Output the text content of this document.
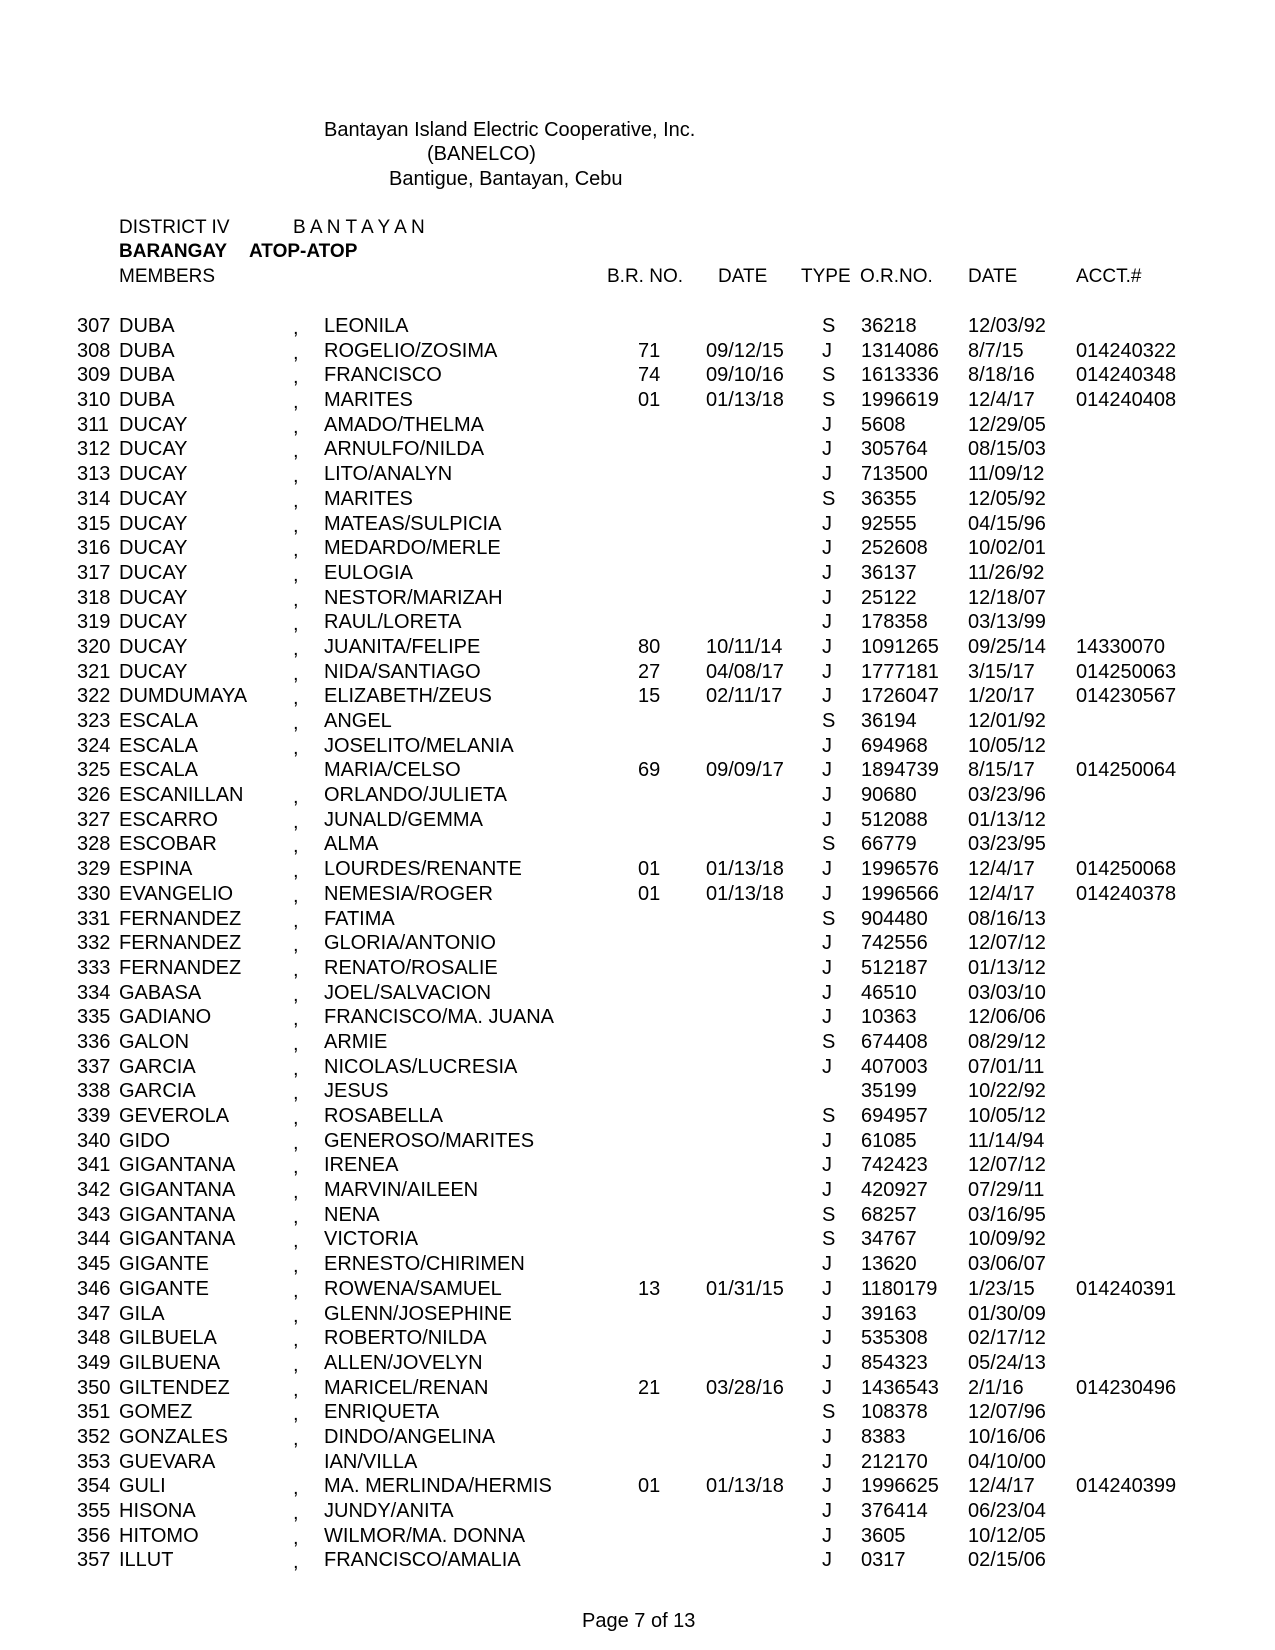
Bantayan Island Electric Cooperative, Inc.
(BANELCO)
Bantigue, Bantayan, Cebu
DISTRICT IV	B A N T A Y A N
BARANGAY ATOP-ATOP
MEMBERS	B.R. NO. DATE TYPE O.R.NO. DATE	ACCT.#
307 DUBA	, LEONILA	S 36218	12/03/92
308 DUBA	, ROGELIO/ZOSIMA	71 09/12/15 J 1314086 8/7/15	014240322
309 DUBA	, FRANCISCO	74 09/10/16 S 1613336 8/18/16 014240348
310 DUBA	, MARITES	01 01/13/18 S 1996619 12/4/17 014240408
311 DUCAY	, AMADO/THELMA	J 5608	12/29/05
312 DUCAY	, ARNULFO/NILDA	J 305764 08/15/03
313 DUCAY	, LITO/ANALYN	J 713500 11/09/12
314 DUCAY	, MARITES	S 36355	12/05/92
315 DUCAY	, MATEAS/SULPICIA	J 92555	04/15/96
316 DUCAY	, MEDARDO/MERLE	J 252608 10/02/01
317 DUCAY	, EULOGIA	J 36137	11/26/92
318 DUCAY	, NESTOR/MARIZAH	J 25122	12/18/07
319 DUCAY	, RAUL/LORETA	J 178358 03/13/99
320 DUCAY	, JUANITA/FELIPE	80 10/11/14 J 1091265 09/25/14 14330070
321 DUCAY	, NIDA/SANTIAGO	27 04/08/17 J 1777181 3/15/17 014250063
322 DUMDUMAYA , ELIZABETH/ZEUS	15 02/11/17 J 1726047 1/20/17 014230567
323 ESCALA	, ANGEL	S 36194	12/01/92
324 ESCALA	, JOSELITO/MELANIA	J 694968 10/05/12
325 ESCALA	MARIA/CELSO	69 09/09/17 J 1894739 8/15/17 014250064
326 ESCANILLAN , ORLANDO/JULIETA	J 90680	03/23/96
327 ESCARRO	, JUNALD/GEMMA	J 512088 01/13/12
328 ESCOBAR	, ALMA	S 66779	03/23/95
329 ESPINA	, LOURDES/RENANTE	01 01/13/18 J 1996576 12/4/17 014250068
330 EVANGELIO	, NEMESIA/ROGER	01 01/13/18 J 1996566 12/4/17 014240378
331 FERNANDEZ	, FATIMA	S 904480 08/16/13
332 FERNANDEZ	, GLORIA/ANTONIO	J 742556 12/07/12
333 FERNANDEZ	, RENATO/ROSALIE	J 512187 01/13/12
334 GABASA	, JOEL/SALVACION	J 46510	03/03/10
335 GADIANO	, FRANCISCO/MA. JUANA	J 10363	12/06/06
336 GALON	, ARMIE	S 674408 08/29/12
337 GARCIA	, NICOLAS/LUCRESIA	J 407003 07/01/11
338 GARCIA	, JESUS	35199	10/22/92
339 GEVEROLA	, ROSABELLA	S 694957 10/05/12
340 GIDO	, GENEROSO/MARITES	J 61085	11/14/94
341 GIGANTANA	, IRENEA	J 742423 12/07/12
342 GIGANTANA	, MARVIN/AILEEN	J 420927 07/29/11
343 GIGANTANA	, NENA	S 68257	03/16/95
344 GIGANTANA	, VICTORIA	S 34767	10/09/92
345 GIGANTE	, ERNESTO/CHIRIMEN	J 13620	03/06/07
346 GIGANTE	, ROWENA/SAMUEL	13 01/31/15 J 1180179 1/23/15 014240391
347 GILA	, GLENN/JOSEPHINE	J 39163	01/30/09
348 GILBUELA	, ROBERTO/NILDA	J 535308 02/17/12
349 GILBUENA	, ALLEN/JOVELYN	J 854323 05/24/13
350 GILTENDEZ	, MARICEL/RENAN	21 03/28/16 J 1436543 2/1/16	014230496
351 GOMEZ	, ENRIQUETA	S 108378 12/07/96
352 GONZALES	, DINDO/ANGELINA	J 8383	10/16/06
353 GUEVARA	IAN/VILLA	J 212170 04/10/00
354 GULI	, MA. MERLINDA/HERMIS	01 01/13/18 J 1996625 12/4/17 014240399
355 HISONA	, JUNDY/ANITA	J 376414 06/23/04
356 HITOMO	, WILMOR/MA. DONNA	J 3605	10/12/05
357 ILLUT	, FRANCISCO/AMALIA	J 0317	02/15/06
Page 7 of 13
